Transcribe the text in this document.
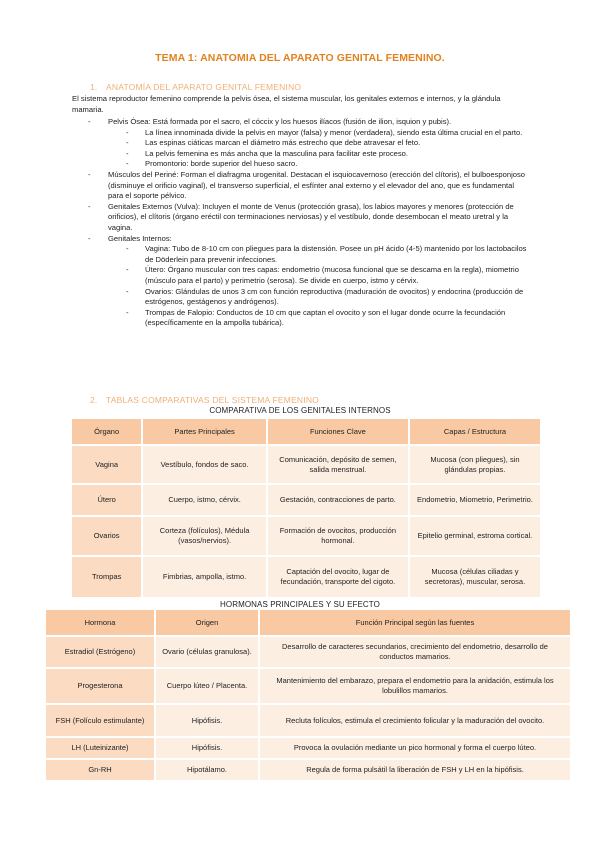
TEMA 1: ANATOMIA DEL APARATO GENITAL FEMENINO.
1. ANATOMÍA DEL APARATO GENITAL FEMENINO
El sistema reproductor femenino comprende la pelvis ósea, el sistema muscular, los genitales externos e internos, y la glándula mamaria.
- Pelvis Ósea: Está formada por el sacro, el cóccix y los huesos ilíacos (fusión de ilion, isquion y pubis).
- La línea innominada divide la pelvis en mayor (falsa) y menor (verdadera), siendo esta última crucial en el parto.
- Las espinas ciáticas marcan el diámetro más estrecho que debe atravesar el feto.
- La pelvis femenina es más ancha que la masculina para facilitar este proceso.
- Promontorio: borde superior del hueso sacro.
- Músculos del Periné: Forman el diafragma urogenital. Destacan el isquiocavernoso (erección del clítoris), el bulboesponjoso (disminuye el orificio vaginal), el transverso superficial, el esfínter anal externo y el elevador del ano, que es fundamental para el soporte pélvico.
- Genitales Externos (Vulva): Incluyen el monte de Venus (protección grasa), los labios mayores y menores (protección de orificios), el clítoris (órgano eréctil con terminaciones nerviosas) y el vestíbulo, donde desembocan el meato uretral y la vagina.
- Genitales Internos:
- Vagina: Tubo de 8-10 cm con pliegues para la distensión. Posee un pH ácido (4-5) mantenido por los lactobacilos de Döderlein para prevenir infecciones.
- Útero: Órgano muscular con tres capas: endometrio (mucosa funcional que se descama en la regla), miometrio (músculo para el parto) y perimetrio (serosa). Se divide en cuerpo, istmo y cérvix.
- Ovarios: Glándulas de unos 3 cm con función reproductiva (maduración de ovocitos) y endocrina (producción de estrógenos, gestágenos y andrógenos).
- Trompas de Falopio: Conductos de 10 cm que captan el ovocito y son el lugar donde ocurre la fecundación (específicamente en la ampolla tubárica).
2. TABLAS COMPARATIVAS DEL SISTEMA FEMENINO
COMPARATIVA DE LOS GENITALES INTERNOS
Órgano	Partes Principales	Funciones Clave	Capas / Estructura
Vagina	Vestíbulo, fondos de saco.	Comunicación, depósito de semen, salida menstrual.	Mucosa (con pliegues), sin glándulas propias.
Útero	Cuerpo, istmo, cérvix.	Gestación, contracciones de parto.	Endometrio, Miometrio, Perimetrio.
Ovarios	Corteza (folículos), Médula (vasos/nervios).	Formación de ovocitos, producción hormonal.	Epitelio germinal, estroma cortical.
Trompas	Fimbrias, ampolla, istmo.	Captación del ovocito, lugar de fecundación, transporte del cigoto.	Mucosa (células ciliadas y secretoras), muscular, serosa.
HORMONAS PRINCIPALES Y SU EFECTO
Hormona	Origen	Función Principal según las fuentes
Estradiol (Estrógeno)	Ovario (células granulosa).	Desarrollo de caracteres secundarios, crecimiento del endometrio, desarrollo de conductos mamarios.
Progesterona	Cuerpo lúteo / Placenta.	Mantenimiento del embarazo, prepara el endometrio para la anidación, estimula los lobulillos mamarios.
FSH (Folículo estimulante)	Hipófisis.	Recluta folículos, estimula el crecimiento folicular y la maduración del ovocito.
LH (Luteinizante)	Hipófisis.	Provoca la ovulación mediante un pico hormonal y forma el cuerpo lúteo.
Gn-RH	Hipotálamo.	Regula de forma pulsátil la liberación de FSH y LH en la hipófisis.
